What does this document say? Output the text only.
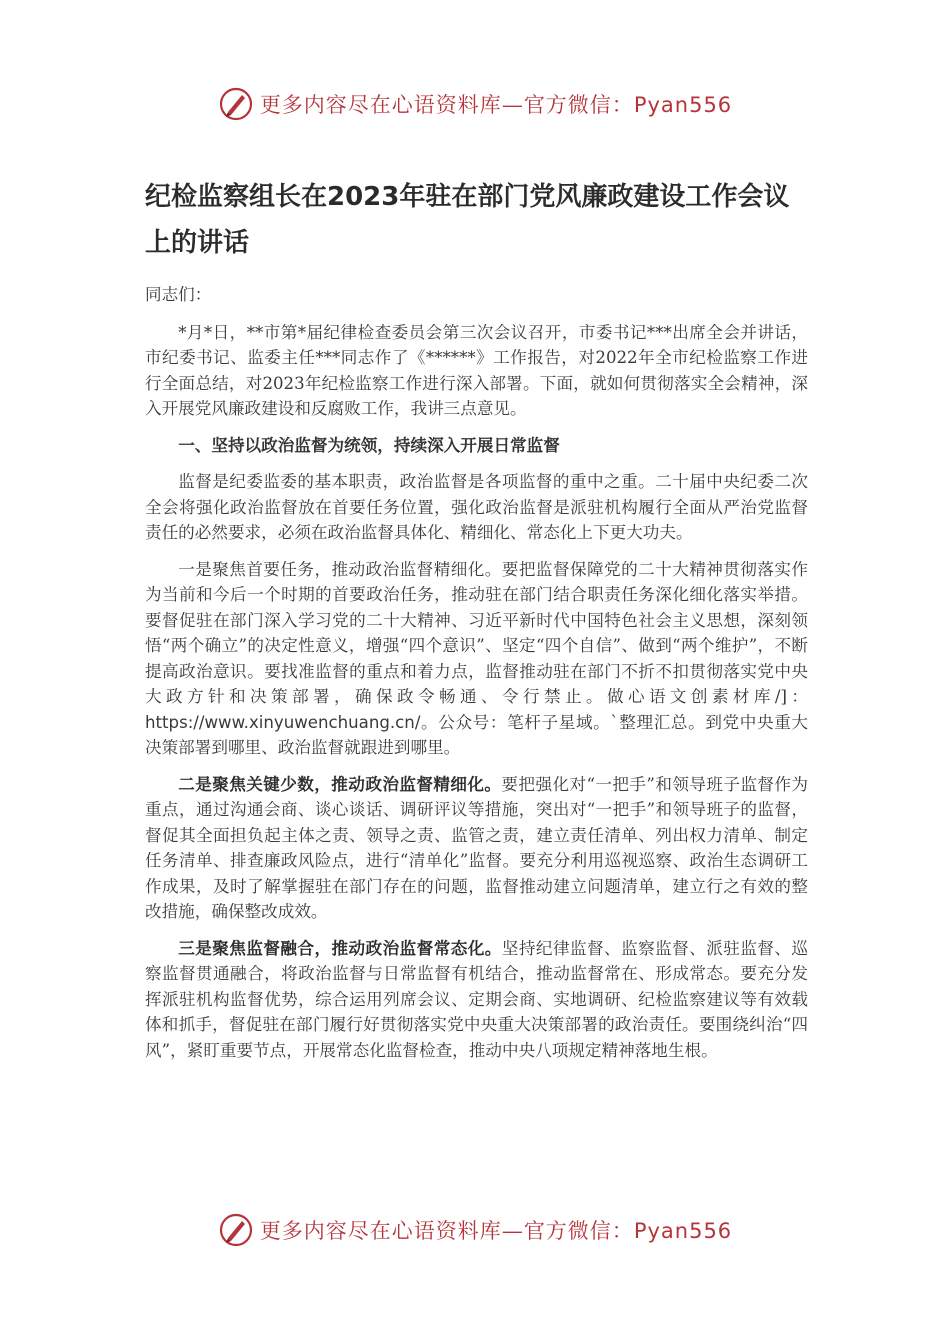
更多内容尽在心语资料库—官方微信：Pyan556
纪检监察组长在2023年驻在部门党风廉政建设工作会议上的讲话

同志们：

*月*日，**市第*届纪律检查委员会第三次会议召开，市委书记***出席全会并讲话，市纪委书记、监委主任***同志作了《******》工作报告，对2022年全市纪检监察工作进行全面总结，对2023年纪检监察工作进行深入部署。下面，就如何贯彻落实全会精神，深入开展党风廉政建设和反腐败工作，我讲三点意见。

一、坚持以政治监督为统领，持续深入开展日常监督

监督是纪委监委的基本职责，政治监督是各项监督的重中之重。二十届中央纪委二次全会将强化政治监督放在首要任务位置，强化政治监督是派驻机构履行全面从严治党监督责任的必然要求，必须在政治监督具体化、精细化、常态化上下更大功夫。

一是聚焦首要任务，推动政治监督精细化。要把监督保障党的二十大精神贯彻落实作为当前和今后一个时期的首要政治任务，推动驻在部门结合职责任务深化细化落实举措。要督促驻在部门深入学习党的二十大精神、习近平新时代中国特色社会主义思想，深刻领悟“两个确立”的决定性意义，增强“四个意识”、坚定“四个自信”、做到“两个维护”，不断提高政治意识。要找准监督的重点和着力点，监督推动驻在部门不折不扣贯彻落实党中央大政方针和决策部署，确保政令畅通、令行禁止。做心语文创素材库/]：https://www.xinyuwenchuang.cn/。公众号：笔杆子星域。`整理汇总。到党中央重大决策部署到哪里、政治监督就跟进到哪里。

二是聚焦关键少数，推动政治监督精细化。要把强化对“一把手”和领导班子监督作为重点，通过沟通会商、谈心谈话、调研评议等措施，突出对“一把手”和领导班子的监督，督促其全面担负起主体之责、领导之责、监管之责，建立责任清单、列出权力清单、制定任务清单、排查廉政风险点，进行“清单化”监督。要充分利用巡视巡察、政治生态调研工作成果，及时了解掌握驻在部门存在的问题，监督推动建立问题清单，建立行之有效的整改措施，确保整改成效。

三是聚焦监督融合，推动政治监督常态化。坚持纪律监督、监察监督、派驻监督、巡察监督贯通融合，将政治监督与日常监督有机结合，推动监督常在、形成常态。要充分发挥派驻机构监督优势，综合运用列席会议、定期会商、实地调研、纪检监察建议等有效载体和抓手，督促驻在部门履行好贯彻落实党中央重大决策部署的政治责任。要围绕纠治“四风”，紧盯重要节点，开展常态化监督检查，推动中央八项规定精神落地生根。

更多内容尽在心语资料库—官方微信：Pyan556
